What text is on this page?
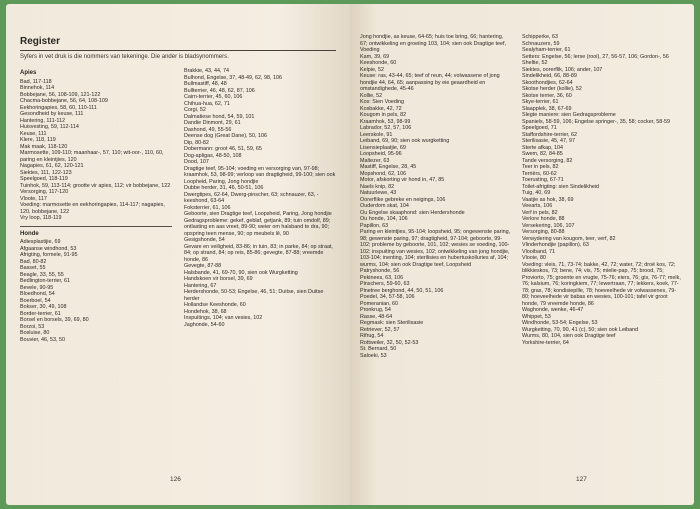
Register
Syfers in vet druk is die nommers van tekeninge. Die ander is bladsynommers.
Apies
Bad, 117-118
Binnehok, 114
Bobbejane, 56, 108-109, 121-122
Chacma-bobbejane, 56, 64, 108-109
Eekhoringapies, 58, 60, 110-111
Gesondheid by keuse, 111
Hantering, 111-112
Huisvesting, 59, 112-114
Keuse, 111
Klere, 118, 119
Mak maak, 118-120
Marmosette, 109-110; maanhaar-, 57, 110; wit-oor-, 110, 60, paring en kleintjies, 120
Nagapies, 61, 62, 120-121
Siektes, 111, 122-123
Speelgoed, 118-119
Tuinhok, 59, 113-114; grootte vir apies, 112; vir bobbejane, 122
Versorging, 117-120
Vloote, 117
Voeding: marmosette en eekhoringapies, 114-117; nagapies, 120, bobbejane, 122
Vry loop, 118-119
Honde
Adiesplastijie, 69
Afgaanse windhond, 53
Afrigting, formele, 91-95
Bad, 80-82
Basset, 55
Beagle, 33, 55, 55
Bedlington-terrier, 61
Bevele, 90-95
Bloedhond, 54
Boerboel, 54
Bokser, 30, 49, 108
Border-terrier, 61
Borsel en borsels, 39, 69, 80
Borzoi, 53
Bosluise, 80
Bouvier, 46, 53, 50
Brakkie, 43, 44, 74
Bulhond, Engelse, 37, 48-49, 62, 98, 106
Bullmastiff, 48, 48
Bullterrier, 46, 48, 62, 87, 106
Cairn-terrier, 45, 60, 106
Chihua-hua, 62, 71
Corgi, 52
Dalmatiese hond, 54, 59, 101
Dandie Dinmont, 29, 61
Dashond, 49, 55-56
Deense dog (Great Dane), 50, 106
Dip, 80-82
Dobermann: groot 46, 51, 59, 65
Dog-apligas, 48-50, 108
Dood, 107
Dragtige teef, 95-104; voeding en versorging van, 97-98; kraamhok, 53, 98-99; verloop van dragtigheid, 99-100; sien ook Loopheid, Paring, Jong hondjie
Dubbe herder, 31, 46, 50-51, 106
Dwergtipes, 62-64, Dwerg-pinscher, 63; schnauzer, 63, -keeshond, 63-64
Foksterrier, 61, 106
Geboorte, sien Dragtige teef, Loopsheid, Paring, Jong hondjie
Gedragsprobleme: gekef, geblaf, getjank, 89; tuin omdolf, 89; ontlasting en aas vreet, 89-90; weier om halsband te dra, 90; opspring teen mense, 90; op meubels lê, 90
Gesigshonde, 54
Gevare en veiligheid, 83-86; in tuin, 83; in parke, 84; op straat, 84; op strand, 84; op reis, 85-86; gevegte, 87-88; vreemde honde, 86
Gevegte, 87-88
Halsbande, 41, 69-70, 90, sien ook Wurgketting
Handskoen vir borsel, 39, 69
Hantering, 67
Herdershonde, 50-53; Engelse, 46, 51; Duitse, sien Duitse herder
Hollandse Keeshonde, 60
Hondehok, 38, 68
Inspuitings, 104; van vesies, 102
Jaghonde, 54-60
126
Jong hondjie, as keuse, 64-65; huis toe bring, 66; hantering, 67; ontwikkeling en groeiing 103, 104; sien ook Dragtige teef, Voeding
Kam, 39, 69
Keeshonde, 60
Kelpie, 52
Keuse: ras, 43-44, 65; teef of reun, 44; volwassene of jong hondjie 44, 64, 65; aanpassing by eie geaardheid en omstandighede, 45-46
Kollie, 52
Kos: Sien Voeding
Kosbakke, 42, 72
Kougom in pels, 82
Kraamhok, 53, 98-99
Labrador, 52, 57, 106
Leerskole, 91
Leiband, 69, 90; sien ook wurgketting
Lisensieplaatjie, 69
Loopsheid, 95-96
Maltezer, 63
Mastiff, Engelse, 28, 45
Mopshond, 62, 106
Motor, afskorting vir hond in, 47, 85
Naels knip, 82
Natuurlewe, 43
Oorerflike gebreke en neigings, 106
Ouderdom skat, 104
Ou Engelse skaaphond: sien Herdershonde
Ou honde, 104, 106
Papillon, 63
Paring en kleintjies, 95-104; loopsheid, 95; ongewenste paring, 98; gewenste paring, 97; dragtigheid, 97-104; geboorte, 99-102; probleme by geboorte, 101, 102; wesies se voeding, 100-102; inspuiting van wesies, 102; ontwikkeling van jong hondjie, 103-104; inenting, 104; sterilisies en hubertuskolluries af, 104; wurms, 104; sien ook Dragtige teef, Loopsheid
Patryshonde, 56
Pekinees, 63, 106
Pinschers, 59-60, 63
Pinetree berghond, 44, 50, 51, 106
Poedel, 34, 57-58, 106
Pomeranian, 60
Pronkrug, 54
Rasse, 48-64
Regmask: sien Sterilisasie
Retriever, 52, 57
Rifrug, 54
Rottweiler, 32, 50, 52-53
St. Bernard, 50
Saloeki, 53
Schipperke, 63
Schnauzers, 59
Sealyham-terrier, 61
Setters: Engelse, 56; lerse (rooi), 27, 56-57, 106; Gordon-, 56
Sheltie, 52
Siektes, oorerflik, 106; ander, 107
Sindelikheid, 66, 88-89
Skoothondjies, 62-64
Skotse herder (kollie), 52
Skotse terrier, 36, 60
Skye-terrier, 61
Slaapplek, 38, 67-69
Slegte maniere: sien Gedragsprobleme
Spaniels, 58-59, 106; Engelse springer-, 35, 58; cocker, 58-59
Speelgoed, 71
Staffordshire-terrier, 62
Sterilisasie, 45, 47, 97
Sterte afkap, 104
Swem, 82, 84-85
Tande versorging, 82
Teer in pels, 82
Terriërs, 60-62
Toerusting, 67-71
Toilet-afrigting: sien Sindelikheid
Tuig, 40, 69
Vaatjie as hok, 38, 69
Veearts, 106
Verf in pels, 82
Verlore honde, 88
Versekering, 106, 107
Versorging, 80-88
Verwydering van kougom, teer, verf, 82
Vlinderhondjie (papillon), 63
Vlooiband, 71
Vlooie, 80
Voeding: vleis, 71, 73-74; bakke, 42, 72; water, 72; droë kos, 72; blikkieskos, 73; bene, 74; vis, 75; mielie-pap, 75; brood, 75; Proviorto, 75; groente en vrugte, 75-76; eiers, 76; gis, 76-77; melk, 76; kalsium, 76; koringkiem, 77; lewertraan, 77; lekkers, koek, 77-78; gras, 78; kondisiepille, 78; hoeveelhede vir volwassenes, 79-80; hoeveelhede vir babas en wesies, 100-101; tafel vir groot honde, 79 vreemde honde, 86
Waghonde, wenke, 46-47
Whippet, 53
Windhonde, 53-54; Engelse, 53
Wurgketting, 70, 90, 41 (c), 50; sien ook Leiband
Wurms, 80, 104, sien ook Dragtige teef
Yorkshire-terrier, 64
127
